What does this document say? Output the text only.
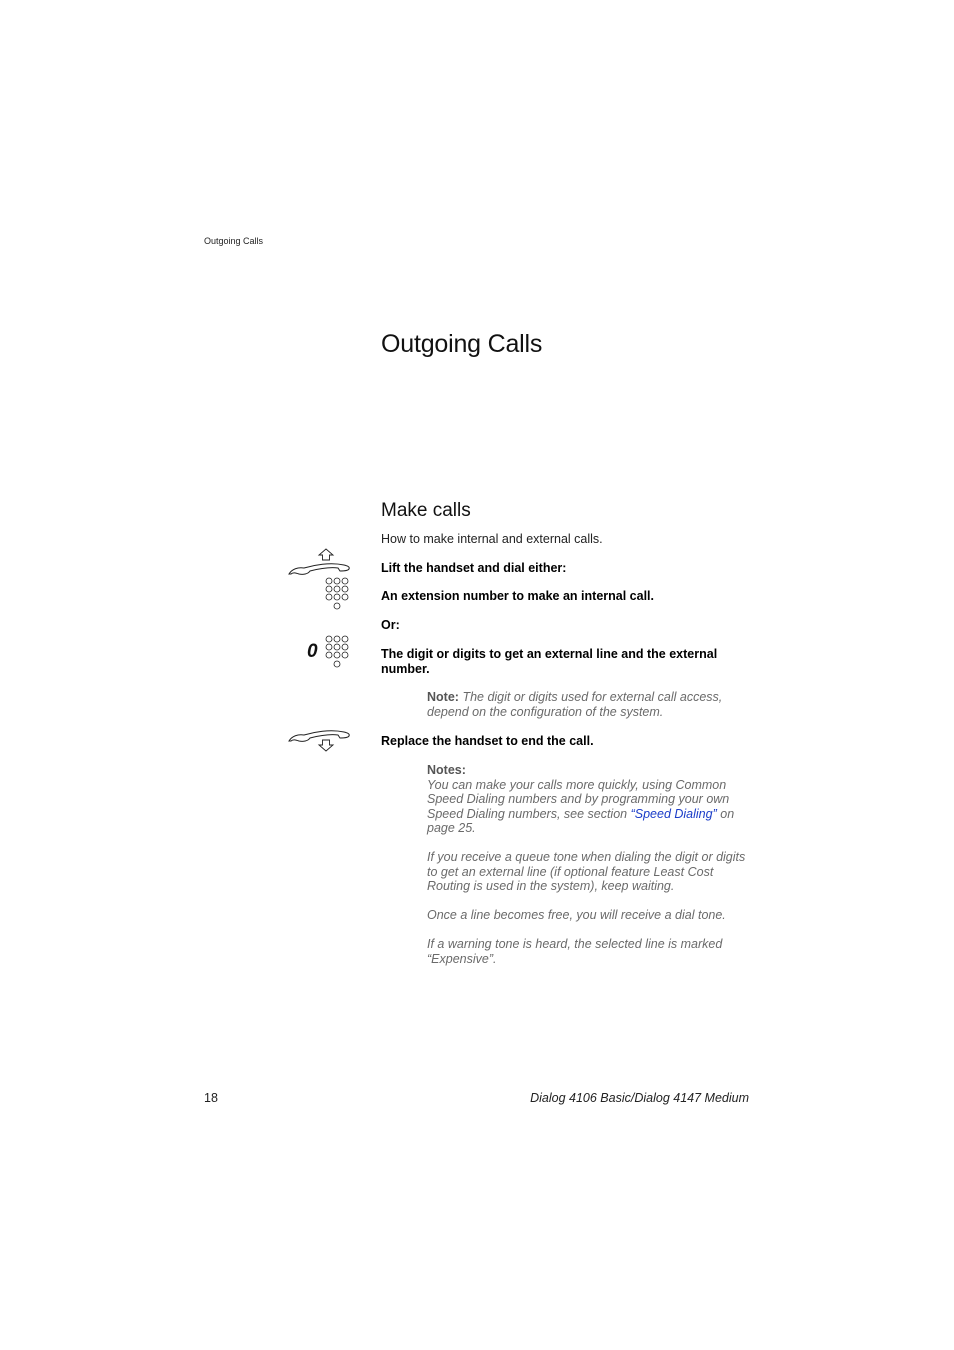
Outgoing Calls
Outgoing Calls
Make calls
How to make internal and external calls.
0
Lift the handset and dial either:
An extension number to make an internal call.
Or:
The digit or digits to get an external line and the external number.
Note: The digit or digits used for external call access, depend on the configuration of the system.
Replace the handset to end the call.
Notes:

You can make your calls more quickly, using Common Speed Dialing numbers and by programming your own Speed Dialing numbers, see section “Speed Dialing” on page 25.

If you receive a queue tone when dialing the digit or digits to get an external line (if optional feature Least Cost Routing is used in the system), keep waiting.

Once a line becomes free, you will receive a dial tone.

If a warning tone is heard, the selected line is marked “Expensive”.

18	Dialog 4106 Basic/Dialog 4147 Medium
